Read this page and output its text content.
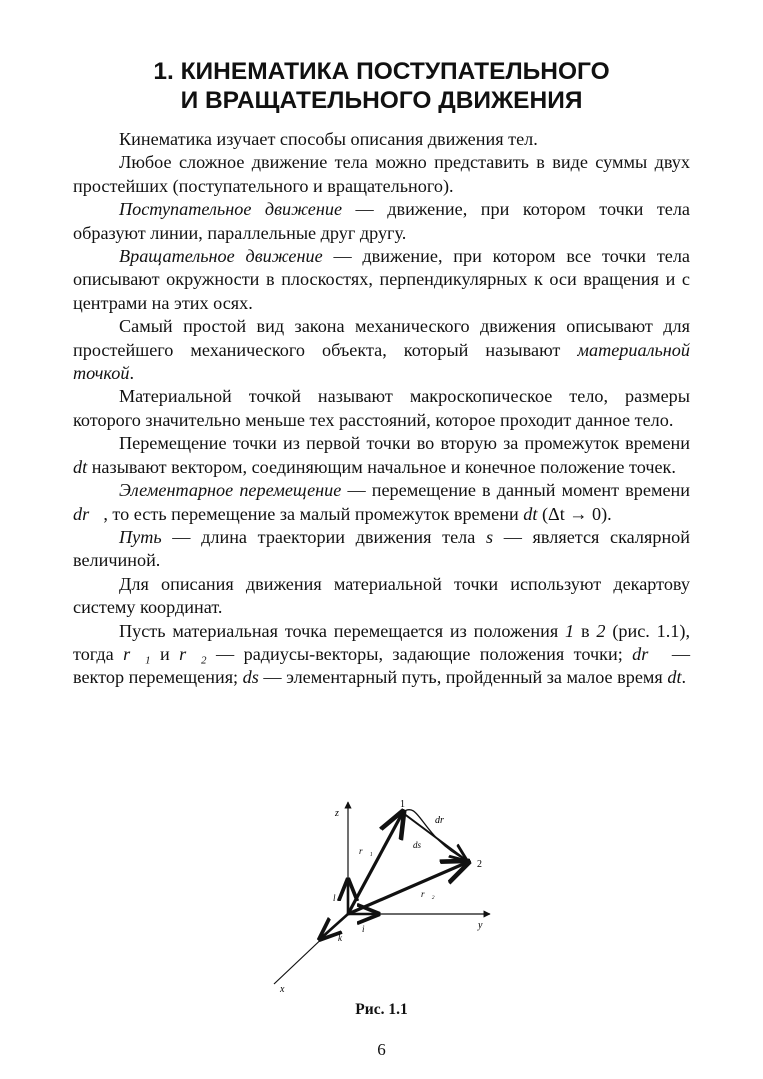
1. КИНЕМАТИКА ПОСТУПАТЕЛЬНОГО
И ВРАЩАТЕЛЬНОГО ДВИЖЕНИЯ

Кинематика изучает способы описания движения тел.

Любое сложное движение тела можно представить в виде суммы двух простейших (поступательного и вращательного).

Поступательное движение — движение, при котором точки тела образуют линии, параллельные друг другу.

Вращательное движение — движение, при котором все точки тела описывают окружности в плоскостях, перпендикулярных к оси вращения и с центрами на этих осях.

Самый простой вид закона механического движения описывают для простейшего механического объекта, который называют материальной точкой.

Материальной точкой называют макроскопическое тело, размеры которого значительно меньше тех расстояний, которое проходит данное тело.

Перемещение точки из первой точки во вторую за промежуток времени dt называют вектором, соединяющим начальное и конечное положение точек.

Элементарное перемещение — перемещение в данный момент времени dr⃗, то есть перемещение за малый промежуток времени dt (Δt → 0).

Путь — длина траектории движения тела s — является скалярной величиной.

Для описания движения материальной точки используют декартову систему координат.

Пусть материальная точка перемещается из положения 1 в 2 (рис. 1.1), тогда r⃗₁ и r⃗₂ — радиусы-векторы, задающие положения точки; dr⃗ — вектор перемещения; ds — элементарный путь, пройденный за малое время dt.

z
y
x
1
2
dr⃗
ds
r⃗₁
r⃗₂
i⃗
l⃗
k⃗
Рис. 1.1
6
